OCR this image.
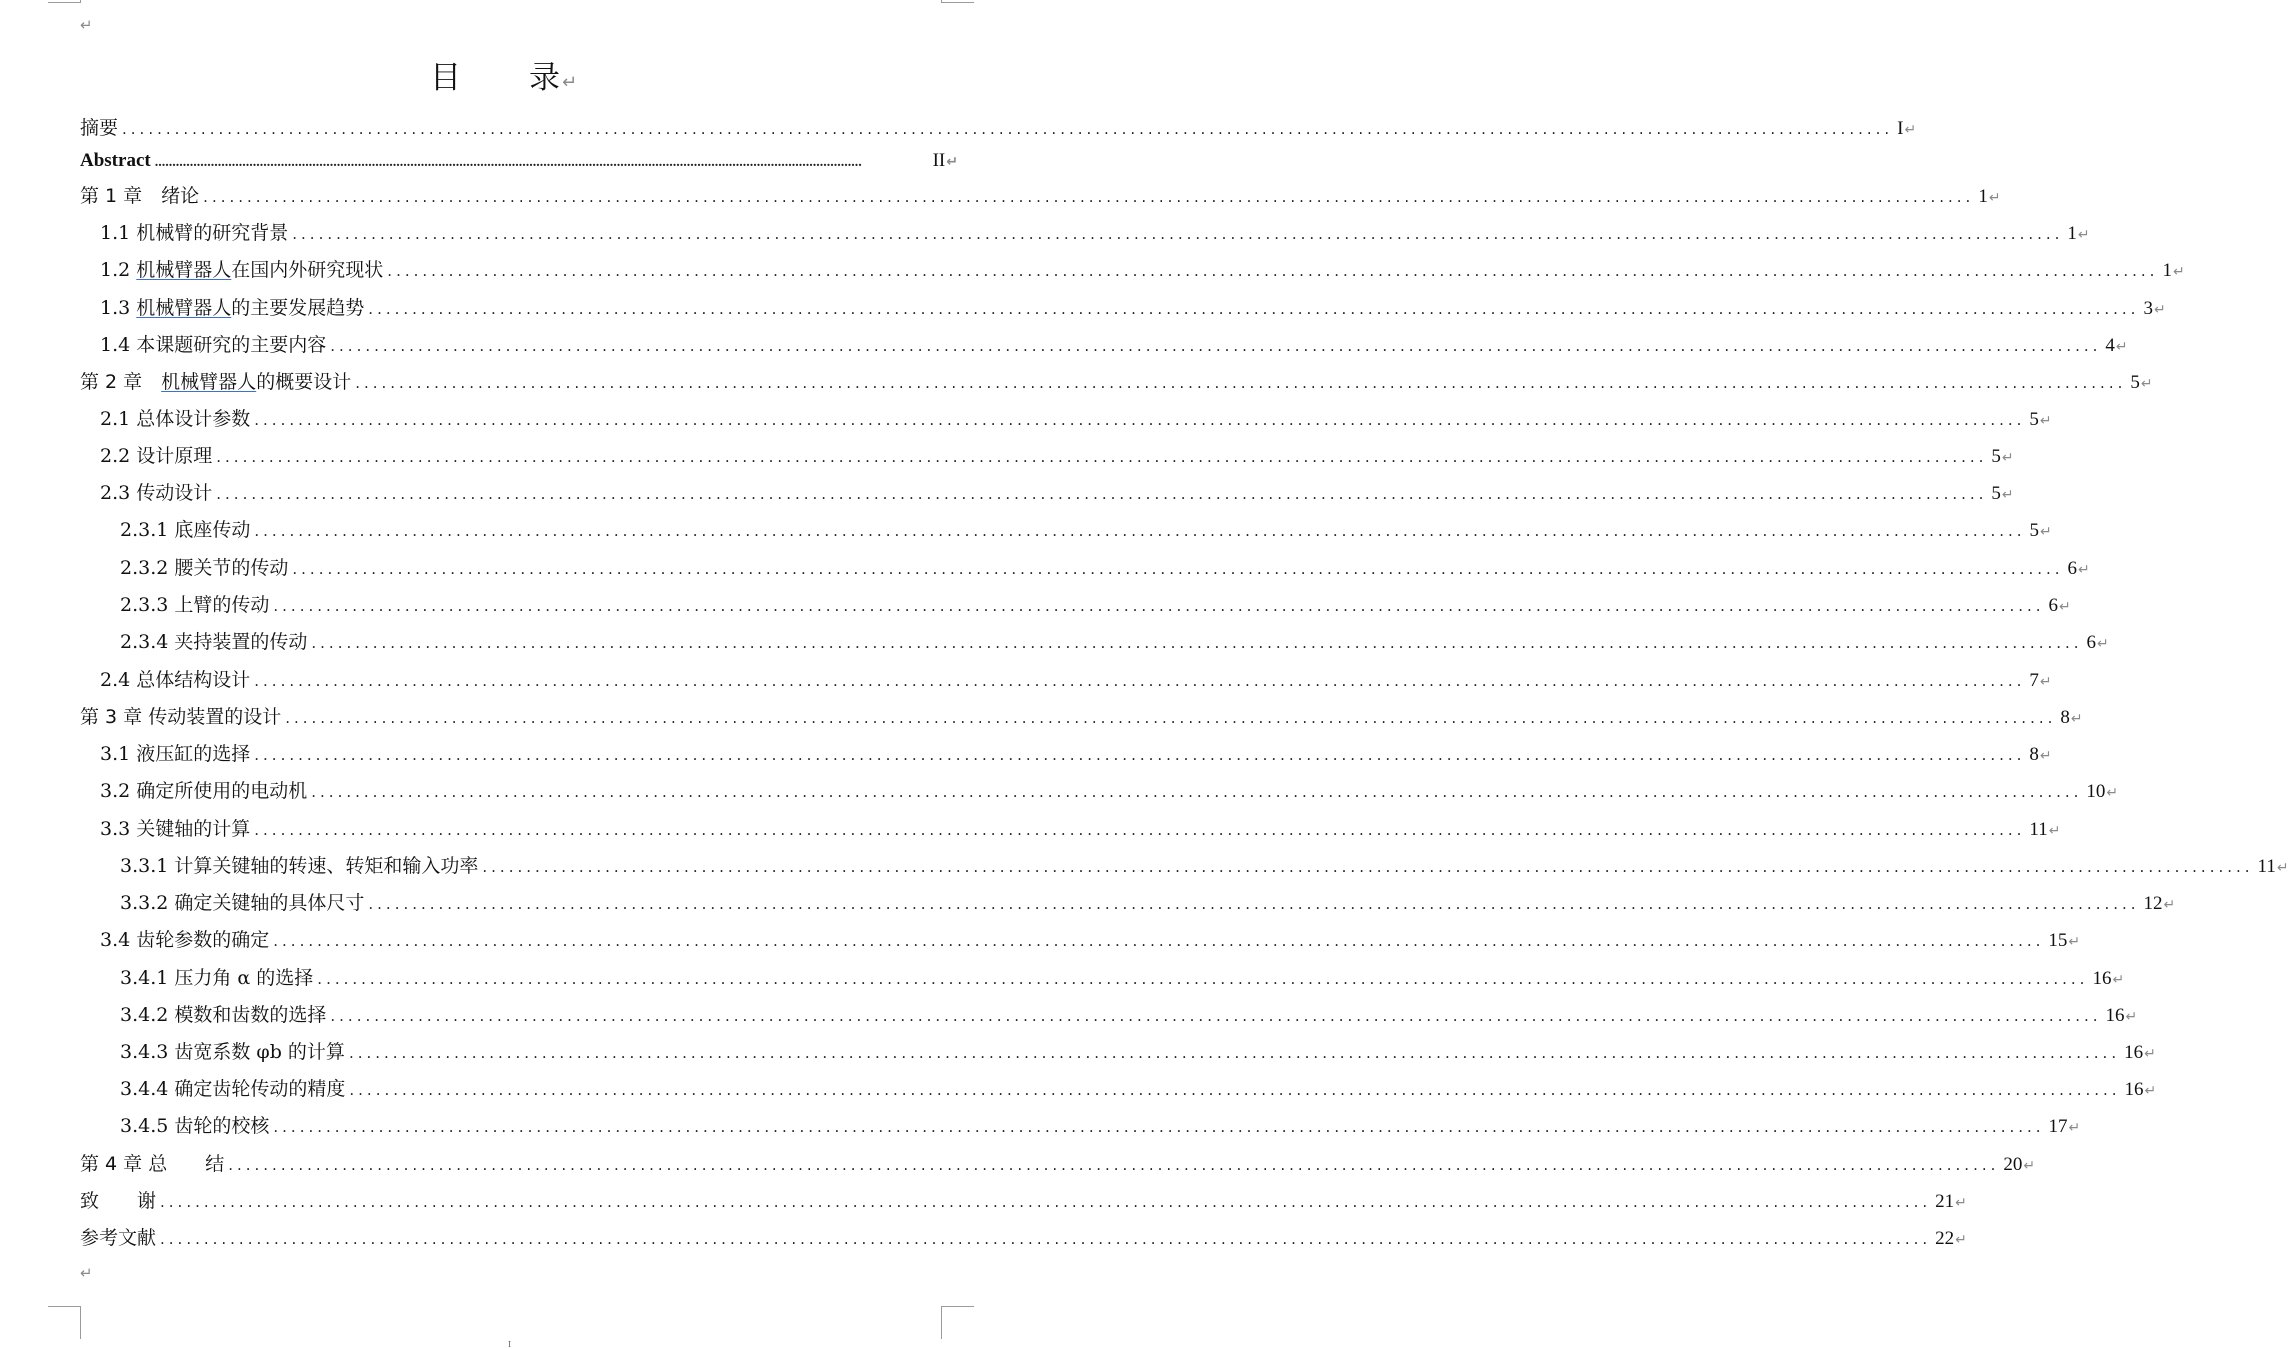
↵
目　　录↵
摘要 .......................................................................................................................................................................................................... I ↵
Abstract ..........................................................................................................................................................................................................	II ↵
第 1 章　绪论 .......................................................................................................................................................................................................... 1 ↵
1.1 机械臂的研究背景 .......................................................................................................................................................................................................... 1 ↵
1.2 机械臂器人在国内外研究现状 .......................................................................................................................................................................................................... 1 ↵
1.3 机械臂器人的主要发展趋势 .......................................................................................................................................................................................................... 3 ↵
1.4 本课题研究的主要内容 .......................................................................................................................................................................................................... 4 ↵
第 2 章　机械臂器人的概要设计 .......................................................................................................................................................................................................... 5 ↵
2.1 总体设计参数 .......................................................................................................................................................................................................... 5 ↵
2.2 设计原理 .......................................................................................................................................................................................................... 5 ↵
2.3 传动设计 .......................................................................................................................................................................................................... 5 ↵
2.3.1 底座传动 .......................................................................................................................................................................................................... 5 ↵
2.3.2 腰关节的传动 .......................................................................................................................................................................................................... 6 ↵
2.3.3 上臂的传动 .......................................................................................................................................................................................................... 6 ↵
2.3.4 夹持装置的传动 .......................................................................................................................................................................................................... 6 ↵
2.4 总体结构设计 .......................................................................................................................................................................................................... 7 ↵
第 3 章 传动装置的设计 .......................................................................................................................................................................................................... 8 ↵
3.1 液压缸的选择 .......................................................................................................................................................................................................... 8 ↵
3.2 确定所使用的电动机 .......................................................................................................................................................................................................... 10 ↵
3.3 关键轴的计算 .......................................................................................................................................................................................................... 11 ↵
3.3.1 计算关键轴的转速、转矩和输入功率 .......................................................................................................................................................................................................... 11 ↵
3.3.2 确定关键轴的具体尺寸 .......................................................................................................................................................................................................... 12 ↵
3.4 齿轮参数的确定 .......................................................................................................................................................................................................... 15 ↵
3.4.1 压力角 α 的选择 .......................................................................................................................................................................................................... 16 ↵
3.4.2 模数和齿数的选择 .......................................................................................................................................................................................................... 16 ↵
3.4.3 齿宽系数 φb 的计算 .......................................................................................................................................................................................................... 16 ↵
3.4.4 确定齿轮传动的精度 .......................................................................................................................................................................................................... 16 ↵
3.4.5 齿轮的校核 .......................................................................................................................................................................................................... 17 ↵
第 4 章 总　　结 .......................................................................................................................................................................................................... 20 ↵
致　　谢 .......................................................................................................................................................................................................... 21 ↵
参考文献 .......................................................................................................................................................................................................... 22 ↵
↵
I
